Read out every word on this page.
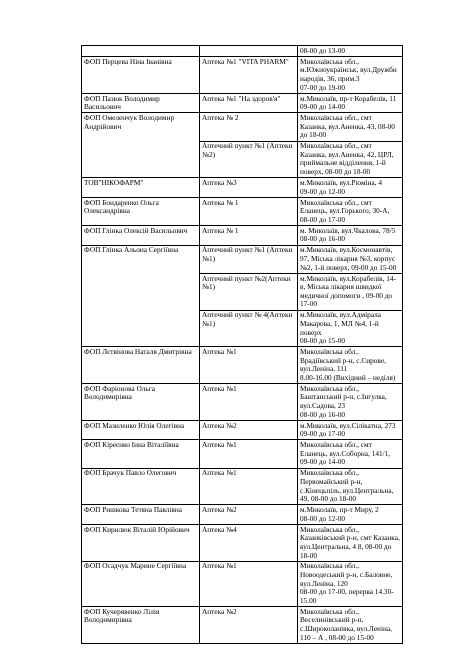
		08-00 до 13-00
ФОП Перцева Ніна Іванівна	Аптека №1 "VITA PHARM"	Миколаївська обл., м.Южноукраїнськ, вул.Дружби народів, 36, прим.3
07-00 до 19-00
ФОП Пазюк Володимир Васильович	Аптека №1 "На здоров'я"	м.Миколаїв, пр-т Корабелів, 11
09-00 до 14-00
ФОП Омеленчук Володимир Андрійович	Аптека № 2	Миколаївська обл., смт Казанка, вул.Аненка, 43, 08-00 до 18-00
	Аптечний пункт №1 (Аптеки №2)	Миколаївська обл., смт Казанка, вул.Аненка, 42, ЦРЛ, приймальне відділення, 1-й поверх, 08-00 до 18-00
ТОВ"НІКОФАРМ"	Аптека №3	м.Миколаїв, вул.Рюміна, 4
09-00 до 12-00
ФОП Бондаренко Ольга Олександрівна	Аптека № 1	Миколаївська обл., смт Еланець, вул.Горького, 30-А, 08-00 до 17-00
ФОП Глінка Олексій Васильович	Аптека № 1	м. Миколаїв, вул.Чкалова, 78/5
08-00 до 16-00
ФОП Глінка Альона Сергіївна	Аптечний пункт №1 (Аптеки №1)	м.Миколаїв, вул.Космонавтів, 97, Міська лікарня №3, корпус №2, 1-й поверх, 09-00 до 15-00
	Аптечний пункт №2(Аптеки №1)	м.Миколаїв, вул.Корабелів, 14-в, Міська лікарня швидкої медичної допомоги , 09-00 до 17-00
	Аптечний пункт № 4(Аптеки №1)	м.Миколаїв, вул.Адмірала Макарова, 1, МЛ №4, 1-й поверх
08-00 до 15-00
ФОП Лєтвінова Наталя Дмитрівна	Аптека №1	Миколаївська обл., Врадіївський р-н, с.Сирове, вул.Леніна, 111
8.00-16.00 (Вихідний – неділя)
ФОП Фаріонова Ольга Володимирівна	Аптека №1	Миколаївська обл., Баштанський р-н, с.Інгулка, вул.Садова, 23
08-00 до 16-00
ФОП Мазиленко Юлія Олегівна	Аптека №2	м.Миколаїв, вул.Сілікатна, 273
09-00 до 17-00
ФОП Кіреєнко Інна Віталіївна	Аптека №1	Миколаївська обл., смт Еланець, вул.Соборна, 141/1, 09-00 до 14-00
ФОП Брачук Павло Олегович	Аптека №1	Миколаївська обл., Первомайський р-н, с.Кінецьпіль, вул.Центральна, 49, 08-00 до 18-00
ФОП Ришкова Тетяна Павлівна	Аптека №2	м.Миколаїв, пр-т Миру, 2
08-00 до 12-00
ФОП Кирилюк Віталій Юрійович	Аптека №4	Миколаївська обл., Казанківський р-н, смт Казанка, вул.Центральна, 4 8, 08-00 до 18-00
ФОП Осадчук Марине Сергіївна	Аптека №1	Миколаївська обл., Новоодеський р-н, с.Баловне, вул.Леніна, 120
08-00 до 17-00, перерва 14.30-15.00
ФОП Кучерявенко Лілія Володимирівна	Аптека №2	Миколаївська обл., Веселинівський р-н, с.Широколанівка, вул.Леніна, 110 – А , 08-00 до 15-00
